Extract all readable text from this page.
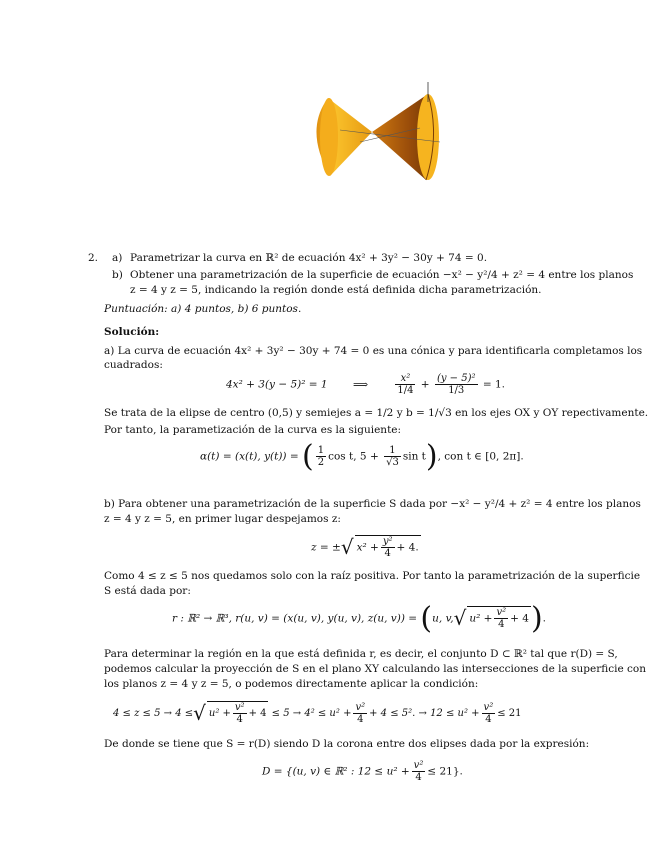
2. a) Parametrizar la curva en ℝ² de ecuación 4x² + 3y² − 30y + 74 = 0.
b) Obtener una parametrización de la superficie de ecuación −x² − y²/4 + z² = 4 entre los planos
z = 4 y z = 5, indicando la región donde está definida dicha parametrización.
Puntuación: a) 4 puntos, b) 6 puntos.
Solución:
a) La curva de ecuación 4x² + 3y² − 30y + 74 = 0 es una cónica y para identificarla completamos los
cuadrados:
4x² + 3(y − 5)² = 1 ⟹	$\frac{\text{x²}}{1/4} + \frac{\text{(y − 5)²}}{1/3} = 1$.
Se trata de la elipse de centro (0,5) y semiejes a = 1/2 y b = 1/√3 en los ejes OX y OY repectivamente.
Por tanto, la parametización de la curva es la siguiente:
α(t) = (x(t), y(t)) = ( $\frac{1}{2}$ cos t, $5 + \frac{1}{√3}$ sin t), con t ∈ [0, 2π].
b) Para obtener una parametrización de la superficie S dada por −x² − y²/4 + z² = 4 entre los planos
z = 4 y z = 5, en primer lugar despejamos z:
z = ±√ $x^2 + \frac{\text{y²}}{4} + 4$.
Como 4 ≤ z ≤ 5 nos quedamos solo con la raíz positiva. Por tanto la parametrización de la superficie
S está dada por:
r : ℝ² → ℝ³, r(u, v) = (x(u, v), y(u, v), z(u, v)) = (u, v,√ $u^2 + \frac{\text{v²}}{4} + 4$).
Para determinar la región en la que está definida r, es decir, el conjunto D ⊂ ℝ² tal que r(D) = S,
podemos calcular la proyección de S en el plano XY calculando las intersecciones de la superficie con
los planos z = 4 y z = 5, o podemos directamente aplicar la condición:
4 ≤ z ≤ 5 → 4 ≤√ $u^2 + \frac{\text{v²}}{4} + 4 \le 5 \to 4^2 \le u^2 + \frac{\text{v²}}{4} + 4 \le 5^2$. → $12 \le u^2 + \frac{\text{v²}}{4} \le 21$
De donde se tiene que S = r(D) siendo D la corona entre dos elipses dada por la expresión:
D = {(u, v) ∈ ℝ² : $12 \le u^2 + \frac{\text{v²}}{4} \le 21$}.
